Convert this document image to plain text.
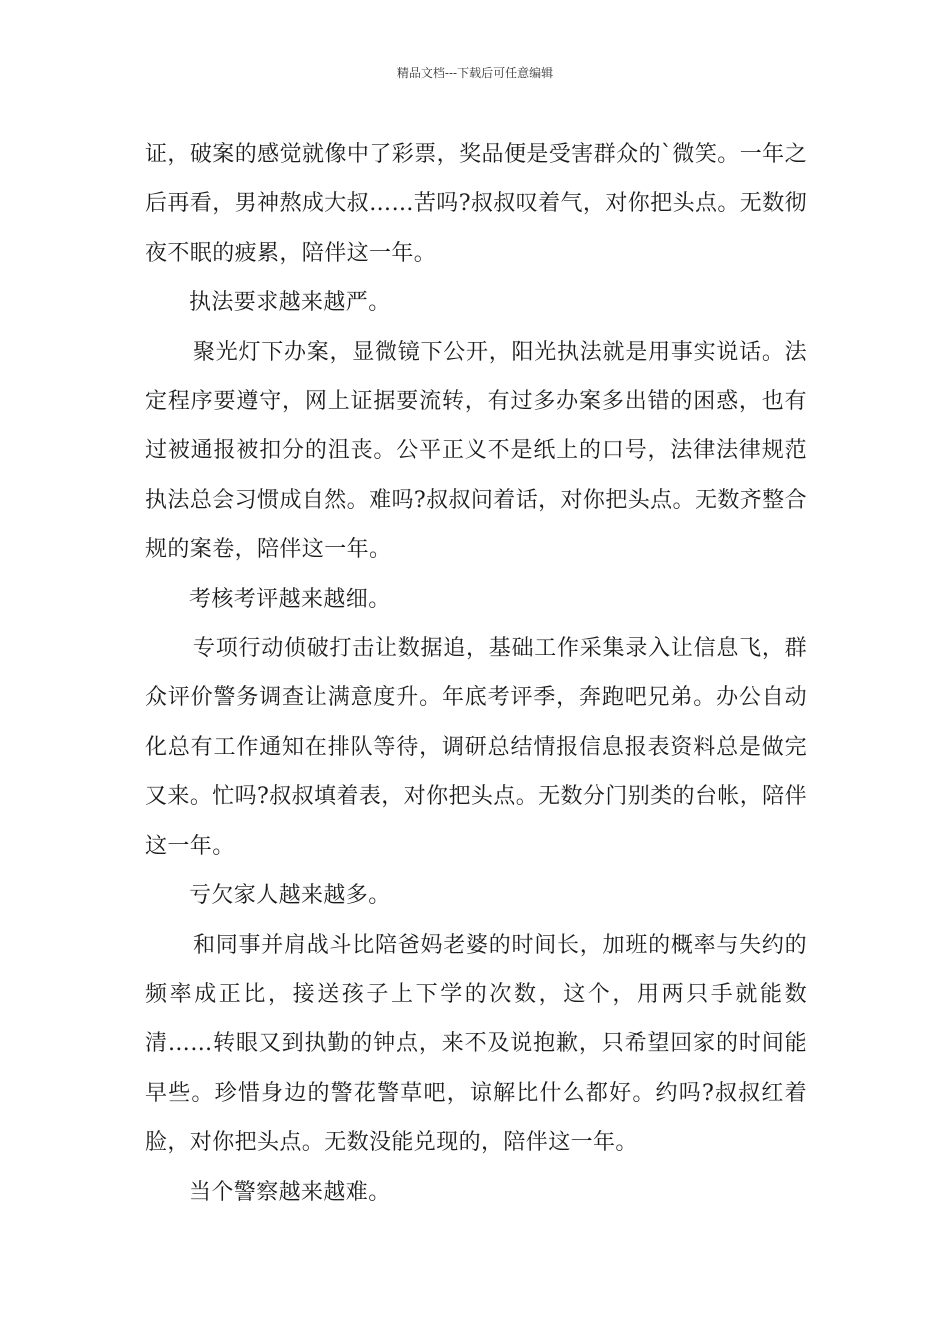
精品文档---下载后可任意编辑

证，破案的感觉就像中了彩票，奖品便是受害群众的`微笑。一年之后再看，男神熬成大叔……苦吗?叔叔叹着气，对你把头点。无数彻夜不眠的疲累，陪伴这一年。

执法要求越来越严。

聚光灯下办案，显微镜下公开，阳光执法就是用事实说话。法定程序要遵守，网上证据要流转，有过多办案多出错的困惑，也有过被通报被扣分的沮丧。公平正义不是纸上的口号，法律法律规范执法总会习惯成自然。难吗?叔叔问着话，对你把头点。无数齐整合规的案卷，陪伴这一年。

考核考评越来越细。

专项行动侦破打击让数据追，基础工作采集录入让信息飞，群众评价警务调查让满意度升。年底考评季，奔跑吧兄弟。办公自动化总有工作通知在排队等待，调研总结情报信息报表资料总是做完又来。忙吗?叔叔填着表，对你把头点。无数分门别类的台帐，陪伴这一年。

亏欠家人越来越多。

和同事并肩战斗比陪爸妈老婆的时间长，加班的概率与失约的频率成正比，接送孩子上下学的次数，这个，用两只手就能数清……转眼又到执勤的钟点，来不及说抱歉，只希望回家的时间能早些。珍惜身边的警花警草吧，谅解比什么都好。约吗?叔叔红着脸，对你把头点。无数没能兑现的，陪伴这一年。

当个警察越来越难。
